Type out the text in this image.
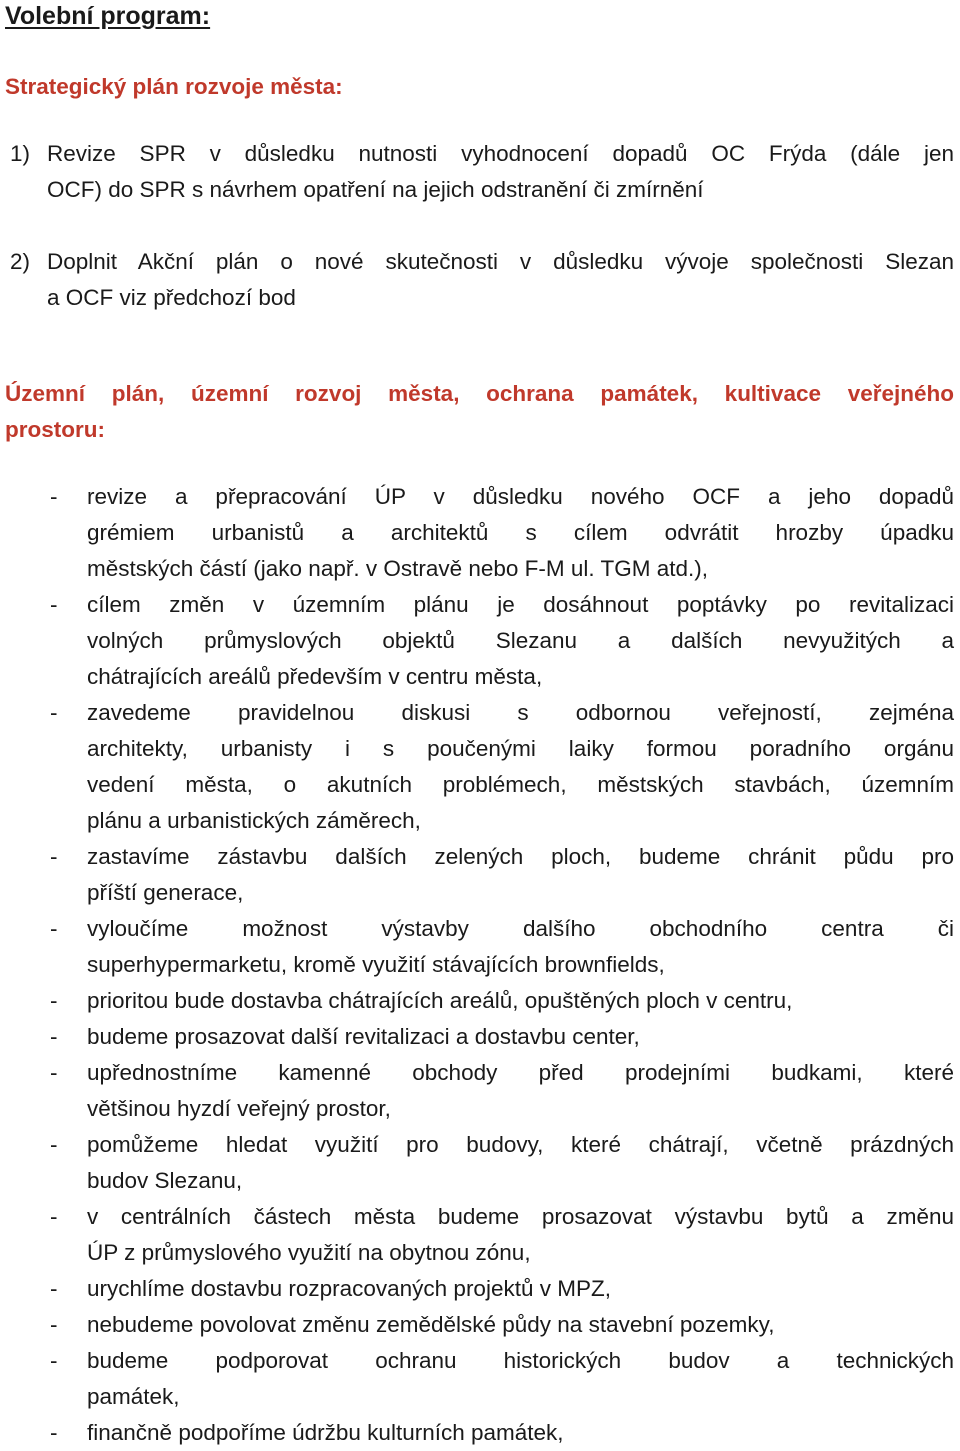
Volební program:
Strategický plán rozvoje města:
1) Revize SPR v důsledku nutnosti vyhodnocení dopadů OC Frýda (dále jen
OCF) do SPR s návrhem opatření na jejich odstranění či zmírnění
2) Doplnit Akční plán o nové skutečnosti v důsledku vývoje společnosti Slezan
a OCF viz předchozí bod
Územní plán, územní rozvoj města, ochrana památek, kultivace veřejného
prostoru:
- revize a přepracování ÚP v důsledku nového OCF a jeho dopadů
grémiem urbanistů a architektů s cílem odvrátit hrozby úpadku
městských částí (jako např. v Ostravě nebo F-M ul. TGM atd.),
- cílem změn v územním plánu je dosáhnout poptávky po revitalizaci
volných průmyslových objektů Slezanu a dalších nevyužitých a
chátrajících areálů především v centru města,
- zavedeme pravidelnou diskusi s odbornou veřejností, zejména
architekty, urbanisty i s poučenými laiky formou poradního orgánu
vedení města, o akutních problémech, městských stavbách, územním
plánu a urbanistických záměrech,
- zastavíme zástavbu dalších zelených ploch, budeme chránit půdu pro
příští generace,
- vyloučíme možnost výstavby dalšího obchodního centra či
superhypermarketu, kromě využití stávajících brownfields,
- prioritou bude dostavba chátrajících areálů, opuštěných ploch v centru,
- budeme prosazovat další revitalizaci a dostavbu center,
- upřednostníme kamenné obchody před prodejními budkami, které
většinou hyzdí veřejný prostor,
- pomůžeme hledat využití pro budovy, které chátrají, včetně prázdných
budov Slezanu,
- v centrálních částech města budeme prosazovat výstavbu bytů a změnu
ÚP z průmyslového využití na obytnou zónu,
- urychlíme dostavbu rozpracovaných projektů v MPZ,
- nebudeme povolovat změnu zemědělské půdy na stavební pozemky,
- budeme podporovat ochranu historických budov a technických
památek,
- finančně podpoříme údržbu kulturních památek,
